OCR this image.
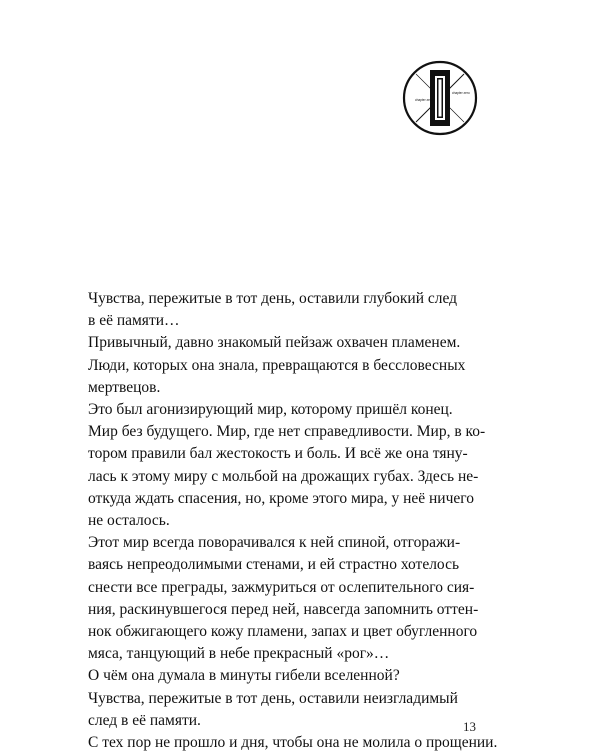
chapter zero
chapter zero

Чувства, пережитые в тот день, оставили глубокий след
в её памяти…

Привычный, давно знакомый пейзаж охвачен пламенем.
Люди, которых она знала, превращаются в бессловесных
мертвецов.

Это был агонизирующий мир, которому пришёл конец.
Мир без будущего. Мир, где нет справедливости. Мир, в ко-
тором правили бал жестокость и боль. И всё же она тяну-
лась к этому миру с мольбой на дрожащих губах. Здесь не-
откуда ждать спасения, но, кроме этого мира, у неё ничего
не осталось.

Этот мир всегда поворачивался к ней спиной, отгоражи-
ваясь непреодолимыми стенами, и ей страстно хотелось
снести все преграды, зажмуриться от ослепительного сия-
ния, раскинувшегося перед ней, навсегда запомнить оттен-
нок обжигающего кожу пламени, запах и цвет обугленного
мяса, танцующий в небе прекрасный «рог»…

О чём она думала в минуты гибели вселенной?

Чувства, пережитые в тот день, оставили неизгладимый
след в её памяти.

С тех пор не прошло и дня, чтобы она не молила о прощении.

13
